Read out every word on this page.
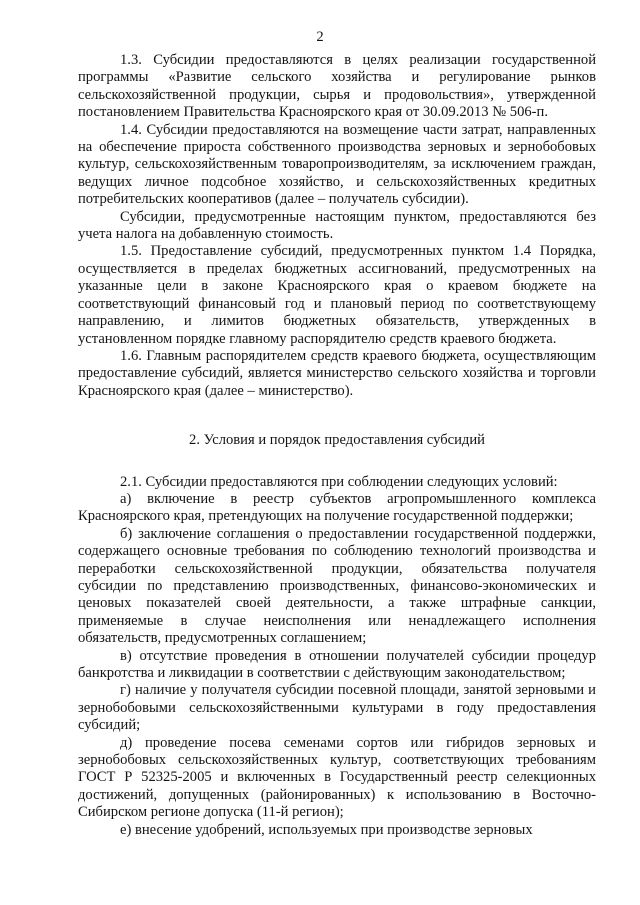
2

1.3. Субсидии предоставляются в целях реализации государственной программы «Развитие сельского хозяйства и регулирование рынков сельскохозяйственной продукции, сырья и продовольствия», утвержденной постановлением Правительства Красноярского края от 30.09.2013 № 506-п.

1.4. Субсидии предоставляются на возмещение части затрат, направленных на обеспечение прироста собственного производства зерновых и зернобобовых культур, сельскохозяйственным товаропроизводителям, за исключением граждан, ведущих личное подсобное хозяйство, и сельскохозяйственных кредитных потребительских кооперативов (далее – получатель субсидии).

Субсидии, предусмотренные настоящим пунктом, предоставляются без учета налога на добавленную стоимость.

1.5. Предоставление субсидий, предусмотренных пунктом 1.4 Порядка, осуществляется в пределах бюджетных ассигнований, предусмотренных на указанные цели в законе Красноярского края о краевом бюджете на соответствующий финансовый год и плановый период по соответствующему направлению, и лимитов бюджетных обязательств, утвержденных в установленном порядке главному распорядителю средств краевого бюджета.

1.6. Главным распорядителем средств краевого бюджета, осуществляющим предоставление субсидий, является министерство сельского хозяйства и торговли Красноярского края (далее – министерство).

2. Условия и порядок предоставления субсидий

2.1. Субсидии предоставляются при соблюдении следующих условий:

а) включение в реестр субъектов агропромышленного комплекса Красноярского края, претендующих на получение государственной поддержки;

б) заключение соглашения о предоставлении государственной поддержки, содержащего основные требования по соблюдению технологий производства и переработки сельскохозяйственной продукции, обязательства получателя субсидии по представлению производственных, финансово-экономических и ценовых показателей своей деятельности, а также штрафные санкции, применяемые в случае неисполнения или ненадлежащего исполнения обязательств, предусмотренных соглашением;

в) отсутствие проведения в отношении получателей субсидии процедур банкротства и ликвидации в соответствии с действующим законодательством;

г) наличие у получателя субсидии посевной площади, занятой зерновыми и зернобобовыми сельскохозяйственными культурами в году предоставления субсидий;

д) проведение посева семенами сортов или гибридов зерновых и зернобобовых сельскохозяйственных культур, соответствующих требованиям ГОСТ Р 52325-2005 и включенных в Государственный реестр селекционных достижений, допущенных (районированных) к использованию в Восточно-Сибирском регионе допуска (11-й регион);

е) внесение удобрений, используемых при производстве зерновых
